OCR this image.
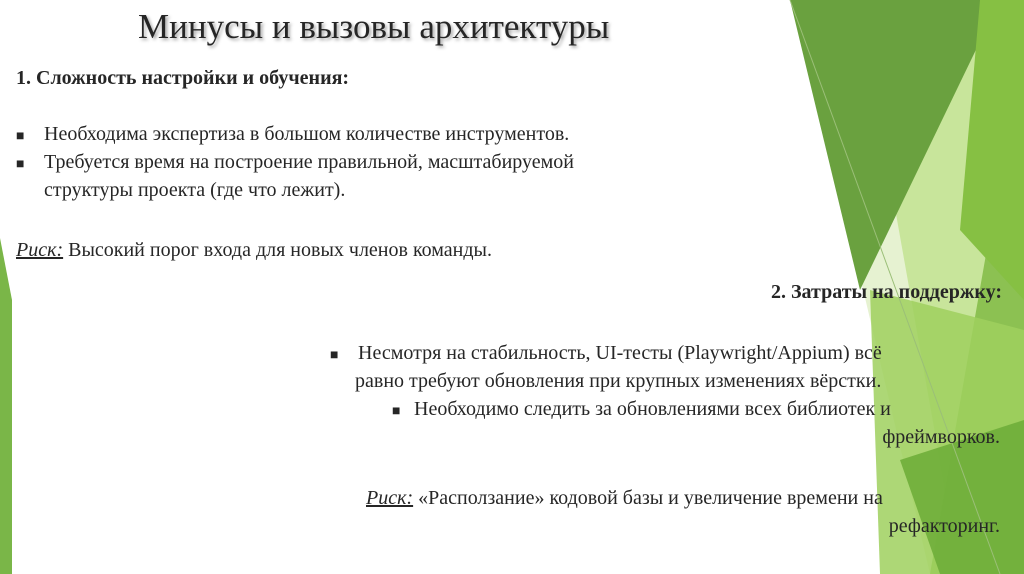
Минусы и вызовы архитектуры
1. Сложность настройки и обучения:
■ Необходима экспертиза в большом количестве инструментов.
■ Требуется время на построение правильной, масштабируемой
структуры проекта (где что лежит).
Риск: Высокий порог входа для новых членов команды.
2. Затраты на поддержку:
■ Несмотря на стабильность, UI-тесты (Playwright/Appium) всё
равно требуют обновления при крупных изменениях вёрстки.
■ Необходимо следить за обновлениями всех библиотек и
фреймворков.
Риск: «Расползание» кодовой базы и увеличение времени на
рефакторинг.
